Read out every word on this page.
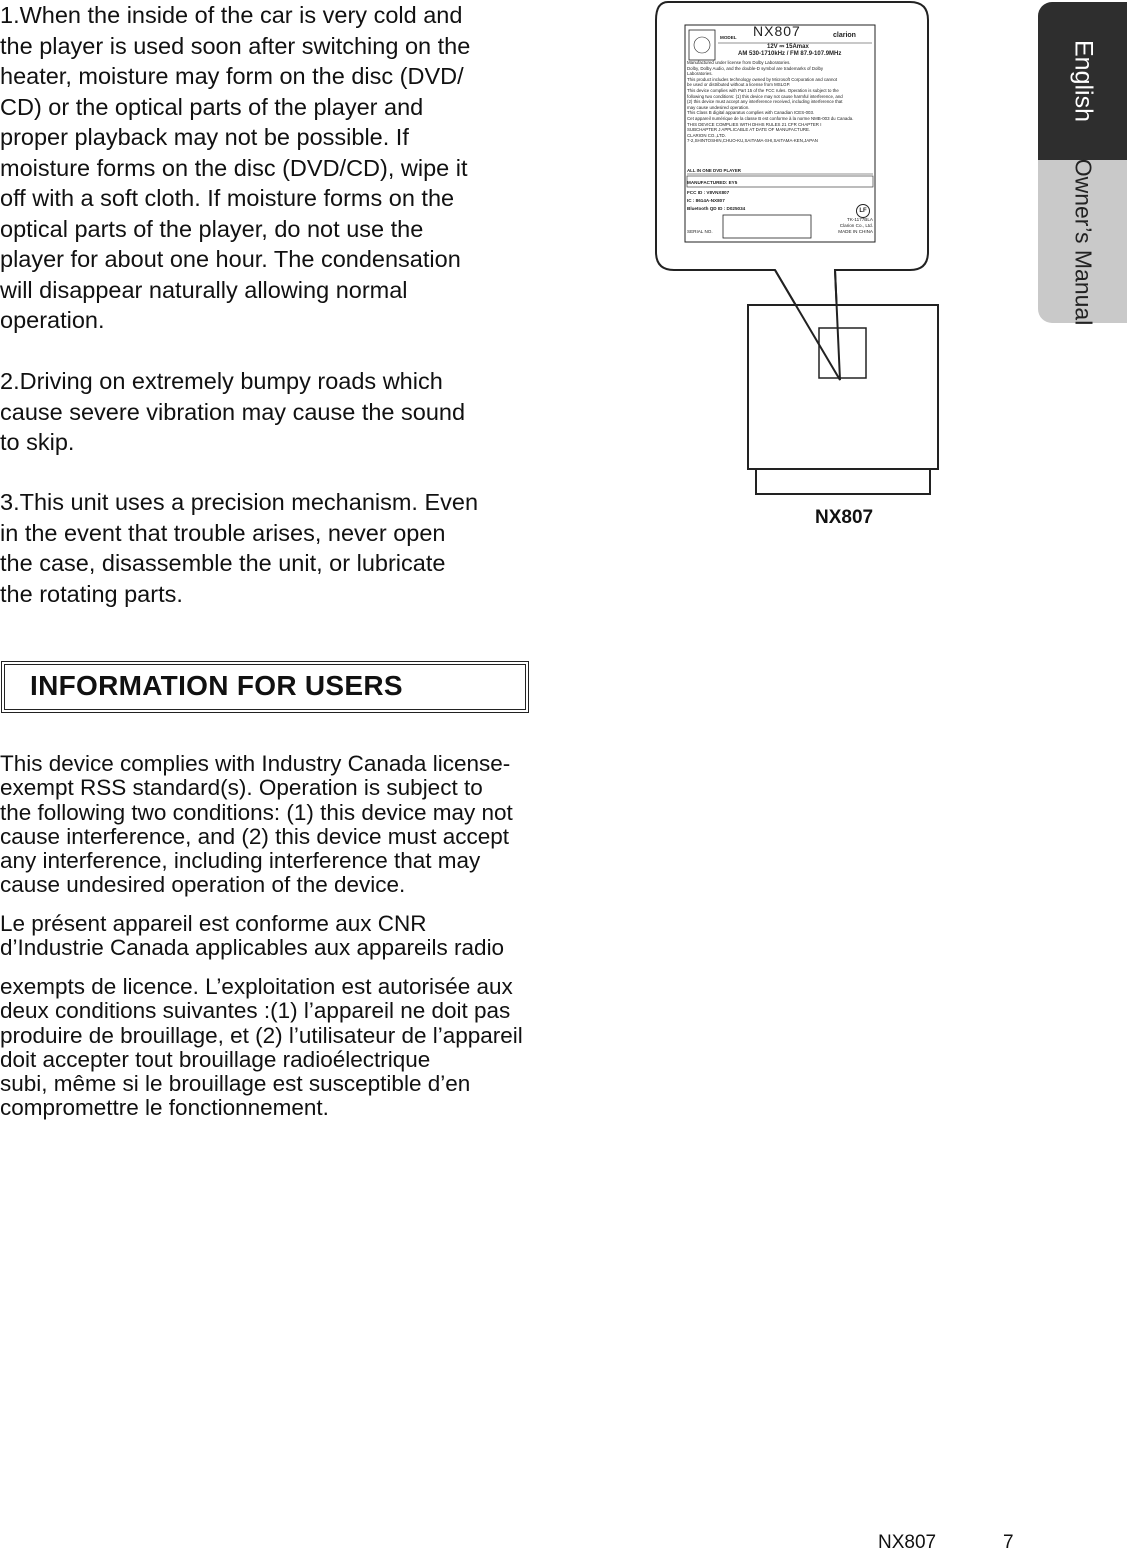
1.When the inside of the car is very cold and
the player is used soon after switching on the
heater, moisture may form on the disc (DVD/
CD) or the optical parts of the player and
proper playback may not be possible. If
moisture forms on the disc (DVD/CD), wipe it
off with a soft cloth. If moisture forms on the
optical parts of the player, do not use the
player for about one hour. The condensation
will disappear naturally allowing normal
operation.

2.Driving on extremely bumpy roads which
cause severe vibration may cause the sound
to skip.

3.This unit uses a precision mechanism. Even
in the event that trouble arises, never open
the case, disassemble the unit, or lubricate
the rotating parts.

INFORMATION FOR USERS

This device complies with Industry Canada license-
exempt RSS standard(s). Operation is subject to
the following two conditions: (1) this device may not
cause interference, and (2) this device must accept
any interference, including interference that may
cause undesired operation of the device.

Le présent appareil est conforme aux CNR
d’Industrie Canada applicables aux appareils radio

exempts de licence. L’exploitation est autorisée aux
deux conditions suivantes :(1) l’appareil ne doit pas
produire de brouillage, et (2) l’utilisateur de l’appareil
doit accepter tout brouillage radioélectrique
subi, même si le brouillage est susceptible d’en
compromettre le fonctionnement.

English
Owner’s Manual
MODEL NX807	clarion
12V ⎓ 15Amax
AM 530-1710kHz / FM 87.9-107.9MHz
Manufactured under license from Dolby Laboratories.
Dolby, Dolby Audio, and the double-D symbol are trademarks of Dolby
Laboratories.
This product includes technology owned by Microsoft Corporation and cannot
be used or distributed without a license from MSLGP.
This device complies with Part 15 of the FCC rules. Operation is subject to the
following two conditions: (1) this device may not cause harmful interference, and
(2) this device must accept any interference received, including interference that
may cause undesired operation.
This Class B digital apparatus complies with Canadian ICES-003.
Cet appareil numérique de la classe B est conforme à la norme NMB-003 du Canada.
THIS DEVICE COMPLIES WITH DHHS RULES 21 CFR CHAPTER I
SUBCHAPTER J APPLICABLE AT DATE OF MANUFACTURE.
CLARION CO.,LTD.
7-2,SHINTOSHIN,CHUO-KU,SAITAMA-SHI,SAITAMA-KEN,JAPAN
ALL IN ONE DVD PLAYER
MANUFACTURED: EY5
FCC ID : V8VNX807
IC : 8614A-NX807
Bluetooth QD ID : D025034
SERIAL NO.
LF
TK-1177BLA
Clarion Co., Ltd.
MADE IN CHINA
NX807
NX807	7
